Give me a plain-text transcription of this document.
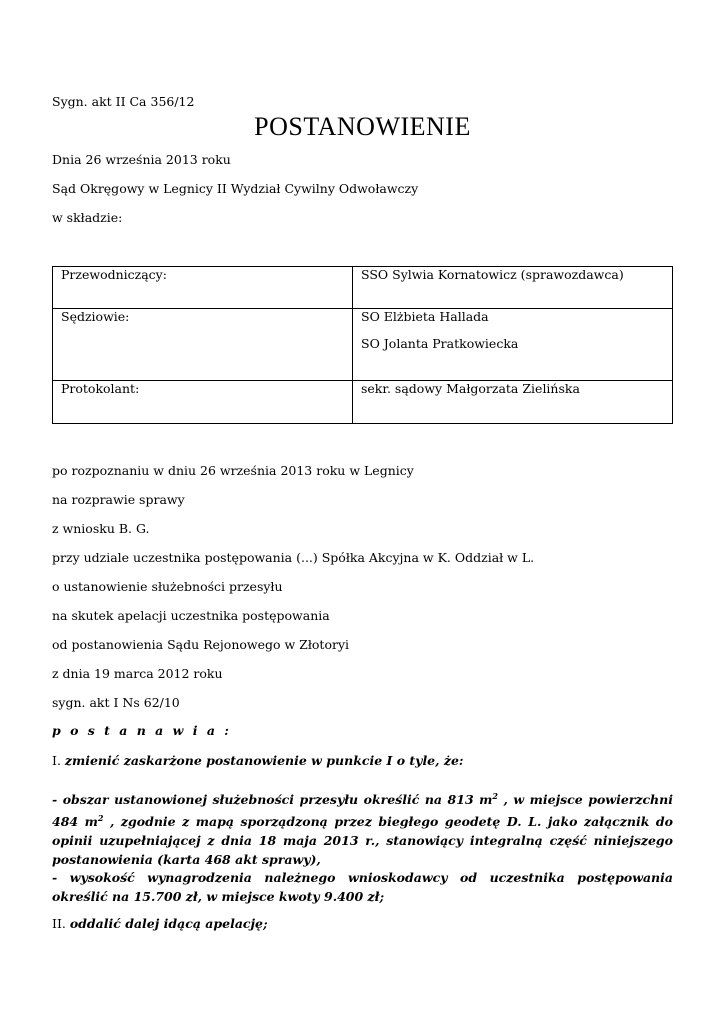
Sygn. akt II Ca 356/12
POSTANOWIENIE
Dnia 26 września 2013 roku
Sąd Okręgowy w Legnicy II Wydział Cywilny Odwoławczy
w składzie:
Przewodniczący:	SSO Sylwia Kornatowicz (sprawozdawca)
Sędziowie:	SO Elżbieta Hallada
SO Jolanta Pratkowiecka

Protokolant:	sekr. sądowy Małgorzata Zielińska
po rozpoznaniu w dniu 26 września 2013 roku w Legnicy
na rozprawie sprawy
z wniosku B. G.
przy udziale uczestnika postępowania (...) Spółka Akcyjna w K. Oddział w L.
o ustanowienie służebności przesyłu
na skutek apelacji uczestnika postępowania
od postanowienia Sądu Rejonowego w Złotoryi
z dnia 19 marca 2012 roku
sygn. akt I Ns 62/10
p o s t a n a w i a :
I. zmienić zaskarżone postanowienie w punkcie I o tyle, że:
- obszar ustanowionej służebności przesyłu określić na 813 $m^2$ , w miejsce powierzchni 484 $m^2$ , zgodnie z mapą sporządzoną przez biegłego geodetę D. L. jako załącznik do opinii uzupełniającej z dnia 18 maja 2013 r., stanowiący integralną część niniejszego postanowienia (karta 468 akt sprawy),
- wysokość wynagrodzenia należnego wnioskodawcy od uczestnika postępowania określić na 15.700 zł, w miejsce kwoty 9.400 zł;
II. oddalić dalej idącą apelację;
